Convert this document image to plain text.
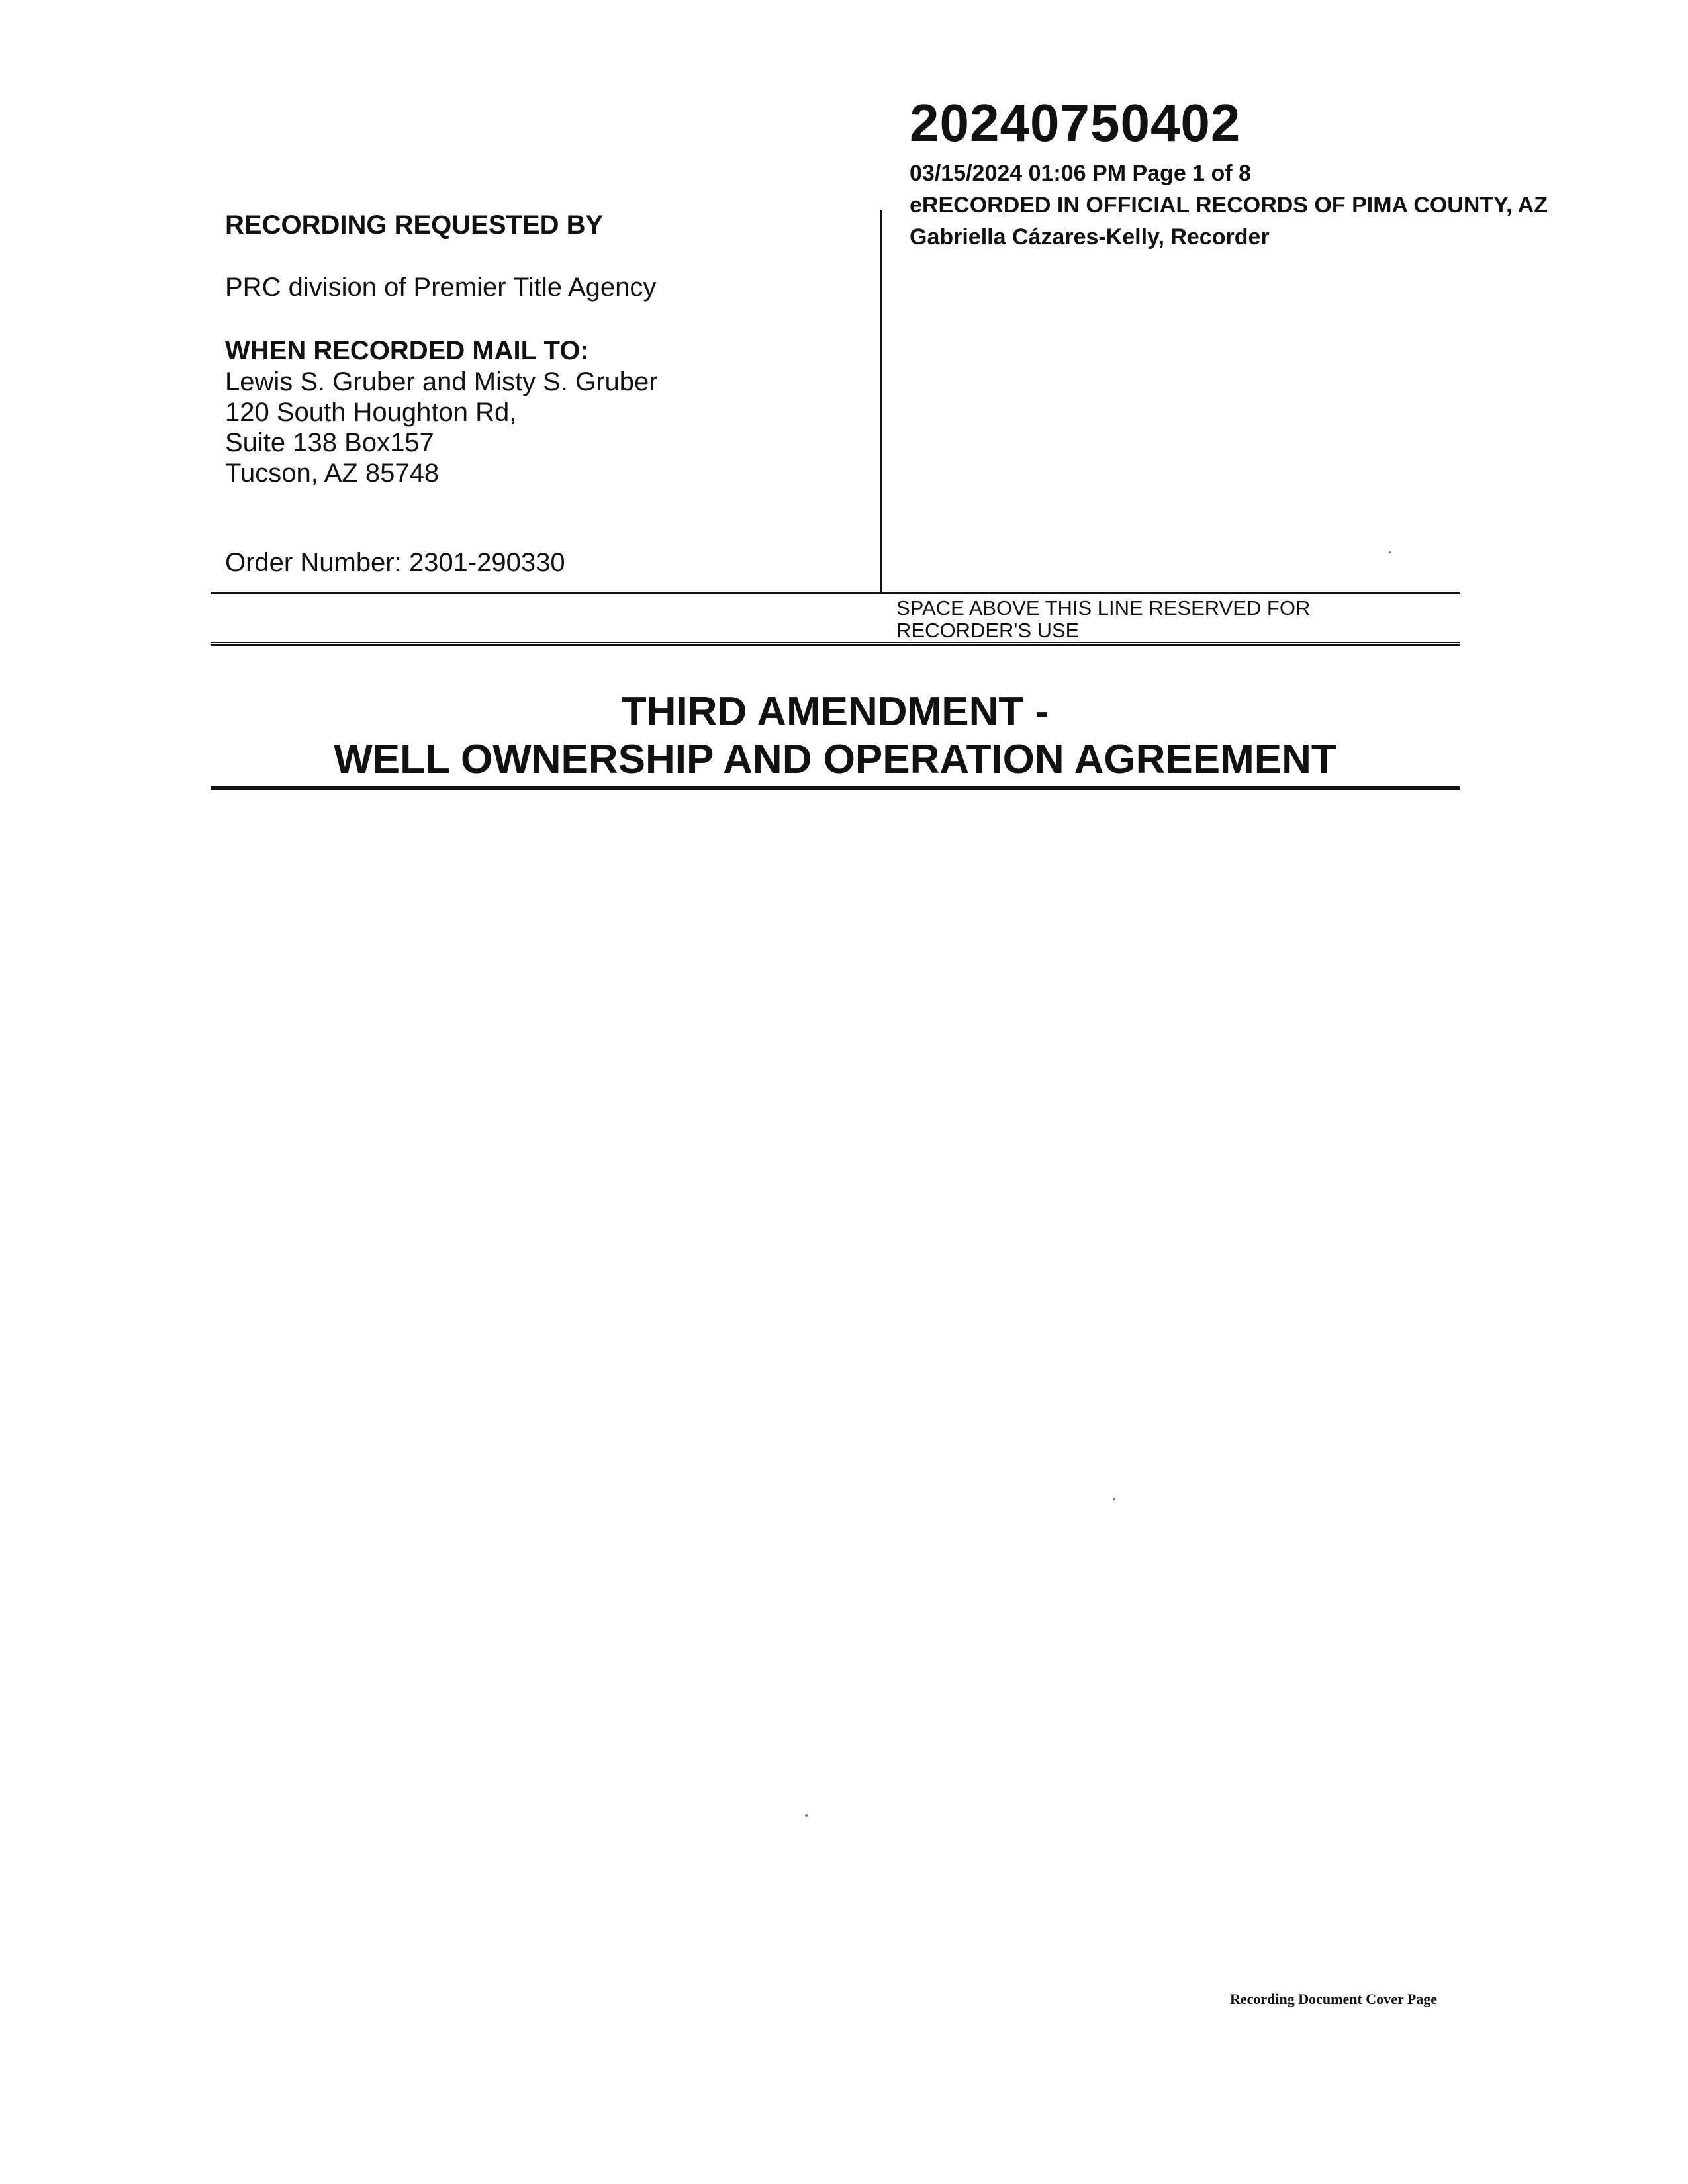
RECORDING REQUESTED BY
PRC division of Premier Title Agency
WHEN RECORDED MAIL TO:
Lewis S. Gruber and Misty S. Gruber
120 South Houghton Rd,
Suite 138 Box157
Tucson, AZ 85748
Order Number: 2301-290330
20240750402
03/15/2024 01:06 PM Page 1 of 8
eRECORDED IN OFFICIAL RECORDS OF PIMA COUNTY, AZ
Gabriella Cázares-Kelly, Recorder
SPACE ABOVE THIS LINE RESERVED FOR
RECORDER'S USE
THIRD AMENDMENT -
WELL OWNERSHIP AND OPERATION AGREEMENT
Recording Document Cover Page
